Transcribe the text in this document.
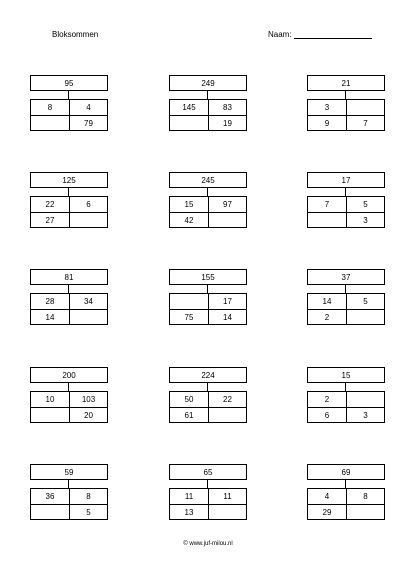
Bloksommen	Naam:
95
8	4
79
249
145	83
19
21
3
9	7
125
22	6
27
245
15	97
42
17
7	5
3
81
28	34
14
155
17
75	14
37
14	5
2
200
10	103
20
224
50	22
61
15
2
6	3
59
36	8
5
65
11	11
13
69
4	8
29
© www.juf-milou.nl
